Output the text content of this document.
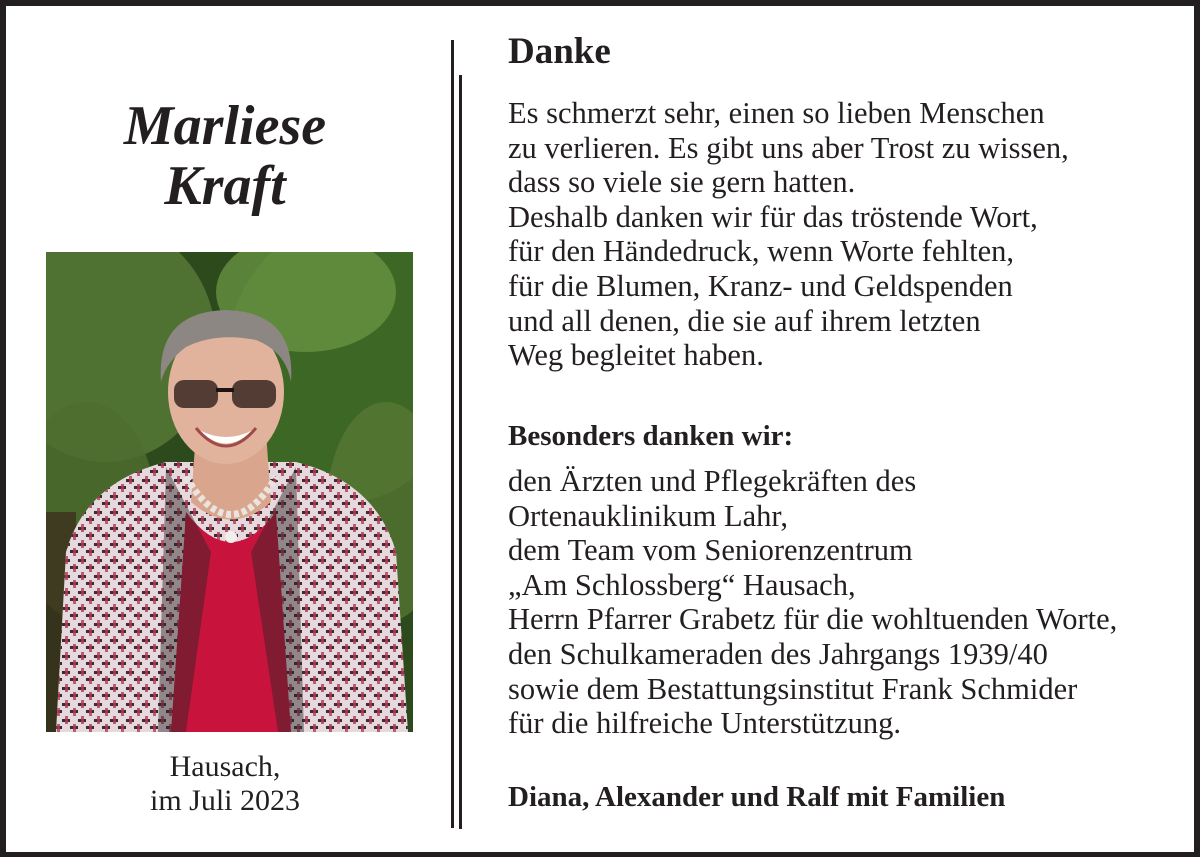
Marliese
Kraft
Hausach,
im Juli 2023
Danke
Es schmerzt sehr, einen so lieben Menschen
zu verlieren. Es gibt uns aber Trost zu wissen,
dass so viele sie gern hatten.
Deshalb danken wir für das tröstende Wort,
für den Händedruck, wenn Worte fehlten,
für die Blumen, Kranz- und Geldspenden
und all denen, die sie auf ihrem letzten
Weg begleitet haben.
Besonders danken wir:
den Ärzten und Pflegekräften des
Ortenauklinikum Lahr,
dem Team vom Seniorenzentrum
„Am Schlossberg“ Hausach,
Herrn Pfarrer Grabetz für die wohltuenden Worte,
den Schulkameraden des Jahrgangs 1939/40
sowie dem Bestattungsinstitut Frank Schmider
für die hilfreiche Unterstützung.
Diana, Alexander und Ralf mit Familien
